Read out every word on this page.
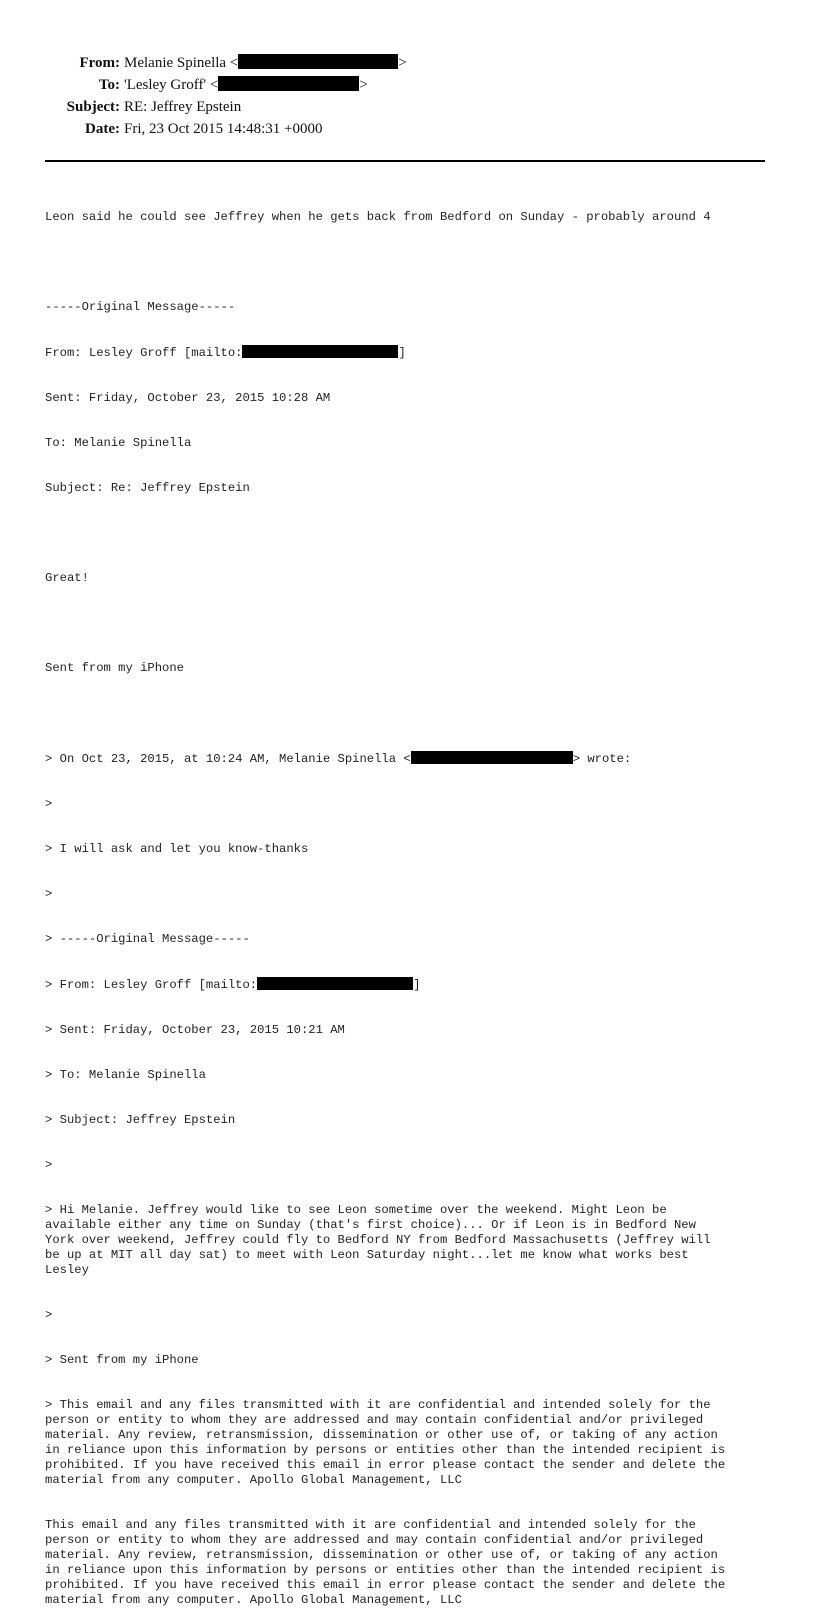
From: Melanie Spinella <	>
To: 'Lesley Groff' <	>
Subject: RE: Jeffrey Epstein
Date: Fri, 23 Oct 2015 14:48:31 +0000

Leon said he could see Jeffrey when he gets back from Bedford on Sunday - probably around 4

-----Original Message-----

From: Lesley Groff [mailto:	]

Sent: Friday, October 23, 2015 10:28 AM

To: Melanie Spinella

Subject: Re: Jeffrey Epstein

Great!

Sent from my iPhone

> On Oct 23, 2015, at 10:24 AM, Melanie Spinella <	> wrote:

>

> I will ask and let you know-thanks

>

> -----Original Message-----

> From: Lesley Groff [mailto:	]

> Sent: Friday, October 23, 2015 10:21 AM

> To: Melanie Spinella

> Subject: Jeffrey Epstein

>

> Hi Melanie. Jeffrey would like to see Leon sometime over the weekend. Might Leon be
available either any time on Sunday (that's first choice)... Or if Leon is in Bedford New
York over weekend, Jeffrey could fly to Bedford NY from Bedford Massachusetts (Jeffrey will
be up at MIT all day sat) to meet with Leon Saturday night...let me know what works best
Lesley

>

> Sent from my iPhone

> This email and any files transmitted with it are confidential and intended solely for the
person or entity to whom they are addressed and may contain confidential and/or privileged
material. Any review, retransmission, dissemination or other use of, or taking of any action
in reliance upon this information by persons or entities other than the intended recipient is
prohibited. If you have received this email in error please contact the sender and delete the
material from any computer. Apollo Global Management, LLC

This email and any files transmitted with it are confidential and intended solely for the
person or entity to whom they are addressed and may contain confidential and/or privileged
material. Any review, retransmission, dissemination or other use of, or taking of any action
in reliance upon this information by persons or entities other than the intended recipient is
prohibited. If you have received this email in error please contact the sender and delete the
material from any computer. Apollo Global Management, LLC
